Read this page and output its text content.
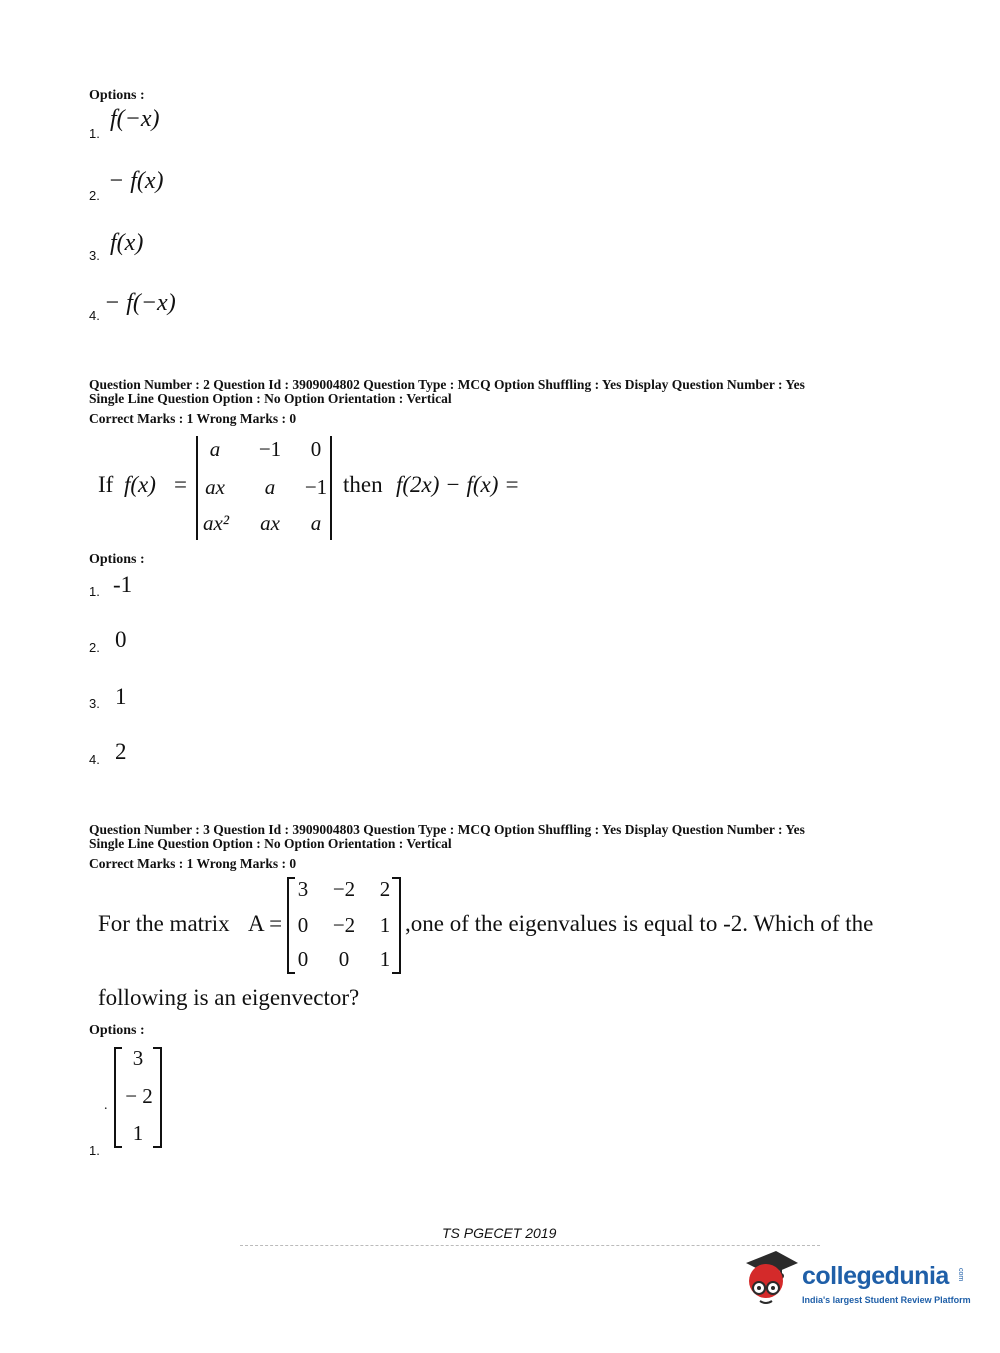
Options :
1.
f(−x)
2.
− f(x)
3. f(x)
4. − f(−x)
Question Number : 2 Question Id : 3909004802 Question Type : MCQ Option Shuffling : Yes Display Question Number : Yes
Single Line Question Option : No Option Orientation : Vertical
Correct Marks : 1 Wrong Marks : 0
If f(x) =
a	−1	0
ax	a	−1
ax²	ax	a
then f(2x) − f(x) =
Options :
1. -1
2. 0
3. 1
4. 2
Question Number : 3 Question Id : 3909004803 Question Type : MCQ Option Shuffling : Yes Display Question Number : Yes
Single Line Question Option : No Option Orientation : Vertical
Correct Marks : 1 Wrong Marks : 0
For the matrix A =
3	−2	2
0	−2	1
0	0	1
,one of the eigenvalues is equal to -2. Which of the
following is an eigenvector?
Options :
.
3
− 2
1
1.
TS PGECET 2019
collegedunia com
India's largest Student Review Platform
